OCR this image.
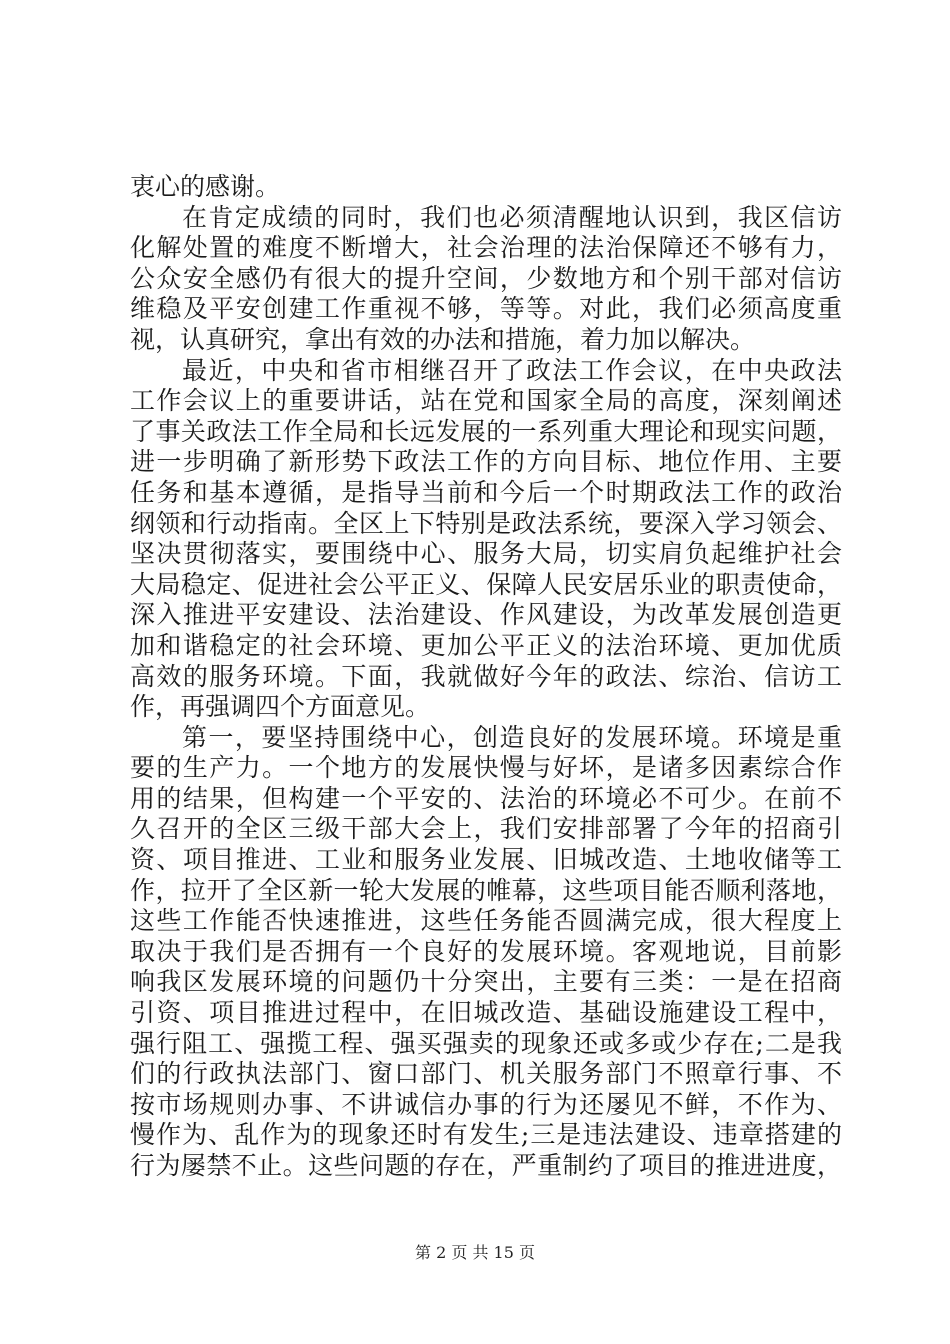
衷心的感谢。
在肯定成绩的同时，我们也必须清醒地认识到，我区信访
化解处置的难度不断增大，社会治理的法治保障还不够有力，
公众安全感仍有很大的提升空间，少数地方和个别干部对信访
维稳及平安创建工作重视不够，等等。对此，我们必须高度重
视，认真研究，拿出有效的办法和措施，着力加以解决。
最近，中央和省市相继召开了政法工作会议，在中央政法
工作会议上的重要讲话，站在党和国家全局的高度，深刻阐述
了事关政法工作全局和长远发展的一系列重大理论和现实问题，
进一步明确了新形势下政法工作的方向目标、地位作用、主要
任务和基本遵循，是指导当前和今后一个时期政法工作的政治
纲领和行动指南。全区上下特别是政法系统，要深入学习领会、
坚决贯彻落实，要围绕中心、服务大局，切实肩负起维护社会
大局稳定、促进社会公平正义、保障人民安居乐业的职责使命，
深入推进平安建设、法治建设、作风建设，为改革发展创造更
加和谐稳定的社会环境、更加公平正义的法治环境、更加优质
高效的服务环境。下面，我就做好今年的政法、综治、信访工
作，再强调四个方面意见。
第一，要坚持围绕中心，创造良好的发展环境。环境是重
要的生产力。一个地方的发展快慢与好坏，是诸多因素综合作
用的结果，但构建一个平安的、法治的环境必不可少。在前不
久召开的全区三级干部大会上，我们安排部署了今年的招商引
资、项目推进、工业和服务业发展、旧城改造、土地收储等工
作，拉开了全区新一轮大发展的帷幕，这些项目能否顺利落地，
这些工作能否快速推进，这些任务能否圆满完成，很大程度上
取决于我们是否拥有一个良好的发展环境。客观地说，目前影
响我区发展环境的问题仍十分突出，主要有三类：一是在招商
引资、项目推进过程中，在旧城改造、基础设施建设工程中，
强行阻工、强揽工程、强买强卖的现象还或多或少存在;二是我
们的行政执法部门、窗口部门、机关服务部门不照章行事、不
按市场规则办事、不讲诚信办事的行为还屡见不鲜，不作为、
慢作为、乱作为的现象还时有发生;三是违法建设、违章搭建的
行为屡禁不止。这些问题的存在，严重制约了项目的推进进度，
第 2 页 共 15 页
